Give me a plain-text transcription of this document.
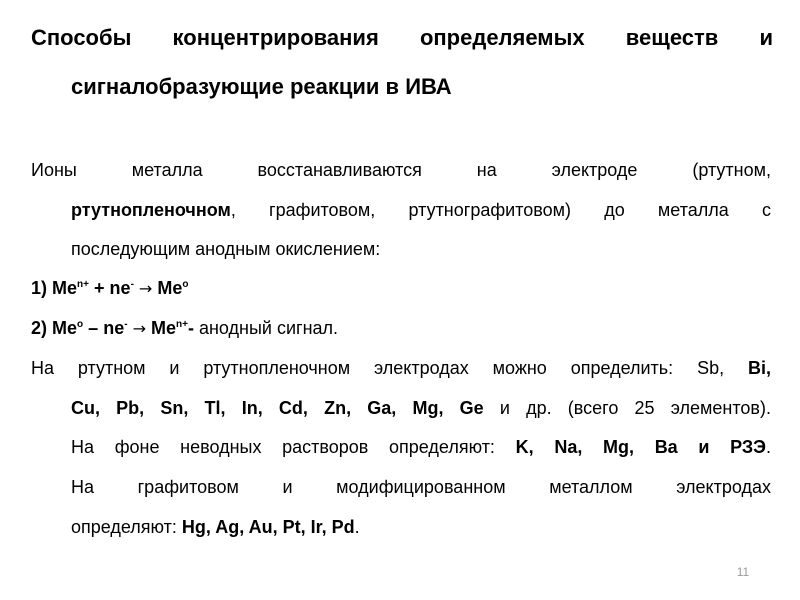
Способы концентрирования определяемых веществ и
сигналобразующие реакции в ИВА
Ионы металла восстанавливаются на электроде (ртутном,
ртутнопленочном, графитовом, ртутнографитовом) до металла с
последующим анодным окислением:
1) $Me^{n+} + ne^- \to Me^o$
2) $Me^o - ne^- \to Me^{n+}-$ анодный сигнал.
На ртутном и ртутнопленочном электродах можно определить: Sb, Bi,
Cu, Pb, Sn, Tl, In, Cd, Zn, Ga, Mg, Ge и др. (всего 25 элементов).
На фоне неводных растворов определяют: K, Na, Mg, Ba и РЗЭ.
На графитовом и модифицированном металлом электродах
определяют: Hg, Ag, Au, Pt, Ir, Pd.
11
